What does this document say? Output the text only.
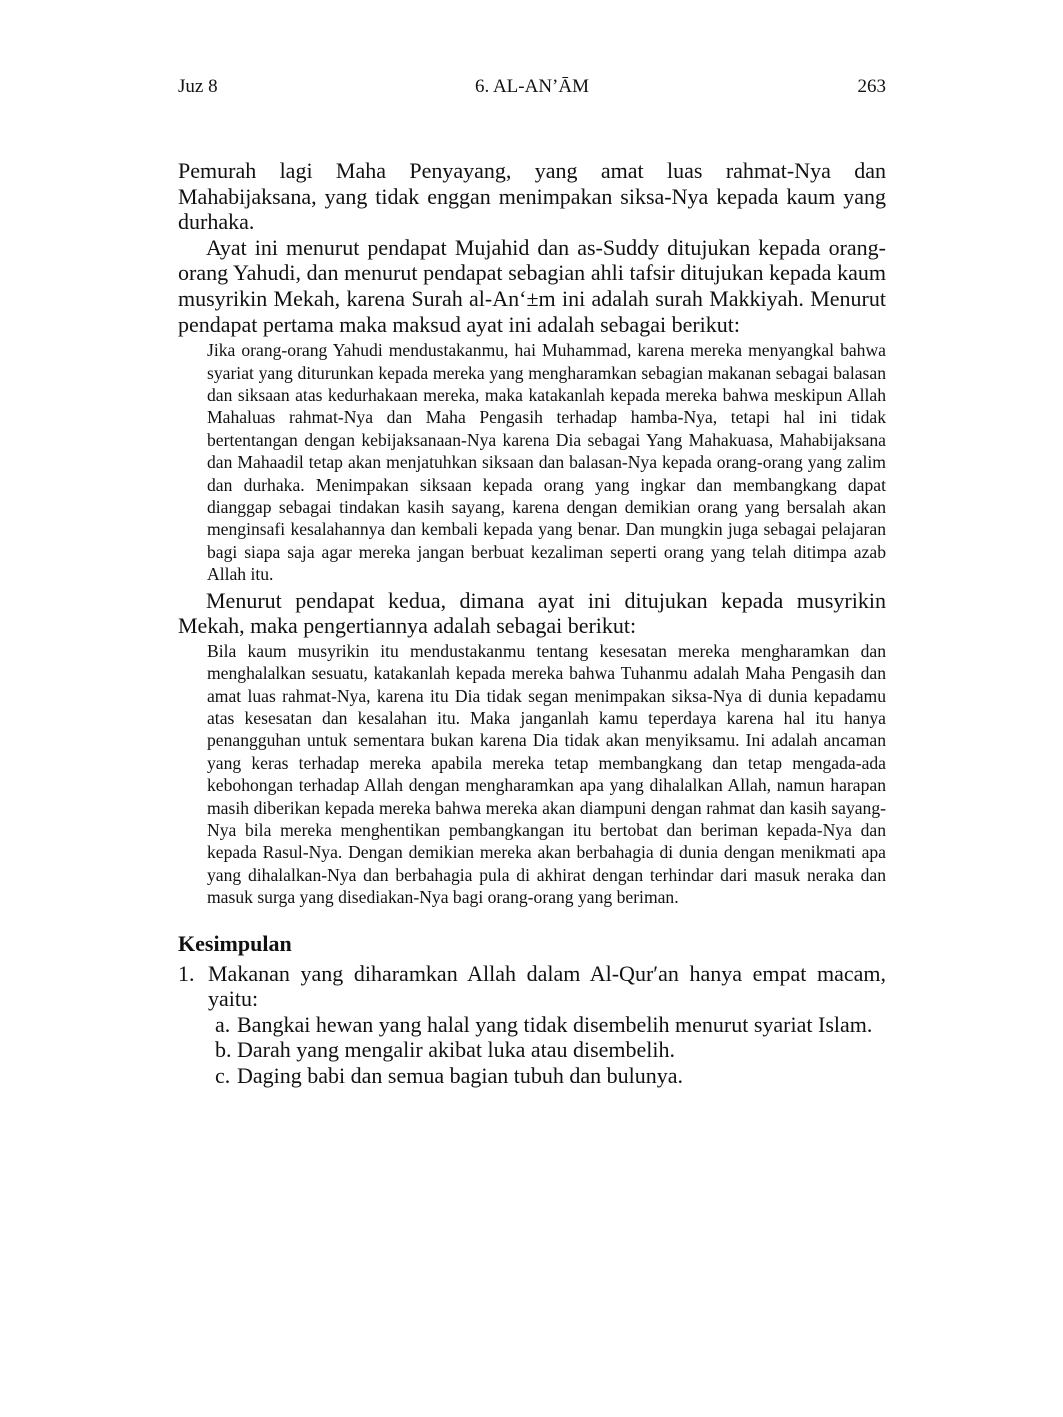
Juz 8	6. AL-AN’ĀM	263

Pemurah lagi Maha Penyayang, yang amat luas rahmat-Nya dan Mahabijaksana, yang tidak enggan menimpakan siksa-Nya kepada kaum yang durhaka.

Ayat ini menurut pendapat Mujahid dan as-Suddy ditujukan kepada orang-orang Yahudi, dan menurut pendapat sebagian ahli tafsir ditujukan kepada kaum musyrikin Mekah, karena Surah al-An‘±m ini adalah surah Makkiyah. Menurut pendapat pertama maka maksud ayat ini adalah sebagai berikut:

Jika orang-orang Yahudi mendustakanmu, hai Muhammad, karena mereka menyangkal bahwa syariat yang diturunkan kepada mereka yang mengharamkan sebagian makanan sebagai balasan dan siksaan atas kedurhakaan mereka, maka katakanlah kepada mereka bahwa meskipun Allah Mahaluas rahmat-Nya dan Maha Pengasih terhadap hamba-Nya, tetapi hal ini tidak bertentangan dengan kebijaksanaan-Nya karena Dia sebagai Yang Mahakuasa, Mahabijaksana dan Mahaadil tetap akan menjatuhkan siksaan dan balasan-Nya kepada orang-orang yang zalim dan durhaka. Menimpakan siksaan kepada orang yang ingkar dan membangkang dapat dianggap sebagai tindakan kasih sayang, karena dengan demikian orang yang bersalah akan menginsafi kesalahannya dan kembali kepada yang benar. Dan mungkin juga sebagai pelajaran bagi siapa saja agar mereka jangan berbuat kezaliman seperti orang yang telah ditimpa azab Allah itu.

Menurut pendapat kedua, dimana ayat ini ditujukan kepada musyrikin Mekah, maka pengertiannya adalah sebagai berikut:

Bila kaum musyrikin itu mendustakanmu tentang kesesatan mereka mengharamkan dan menghalalkan sesuatu, katakanlah kepada mereka bahwa Tuhanmu adalah Maha Pengasih dan amat luas rahmat-Nya, karena itu Dia tidak segan menimpakan siksa-Nya di dunia kepadamu atas kesesatan dan kesalahan itu. Maka janganlah kamu teperdaya karena hal itu hanya penangguhan untuk sementara bukan karena Dia tidak akan menyiksamu. Ini adalah ancaman yang keras terhadap mereka apabila mereka tetap membangkang dan tetap mengada-ada kebohongan terhadap Allah dengan mengharamkan apa yang dihalalkan Allah, namun harapan masih diberikan kepada mereka bahwa mereka akan diampuni dengan rahmat dan kasih sayang-Nya bila mereka menghentikan pembangkangan itu bertobat dan beriman kepada-Nya dan kepada Rasul-Nya. Dengan demikian mereka akan berbahagia di dunia dengan menikmati apa yang dihalalkan-Nya dan berbahagia pula di akhirat dengan terhindar dari masuk neraka dan masuk surga yang disediakan-Nya bagi orang-orang yang beriman.

Kesimpulan
1. Makanan yang diharamkan Allah dalam Al-Qur′an hanya empat macam, yaitu:
a. Bangkai hewan yang halal yang tidak disembelih menurut syariat Islam.
b. Darah yang mengalir akibat luka atau disembelih.
c. Daging babi dan semua bagian tubuh dan bulunya.
